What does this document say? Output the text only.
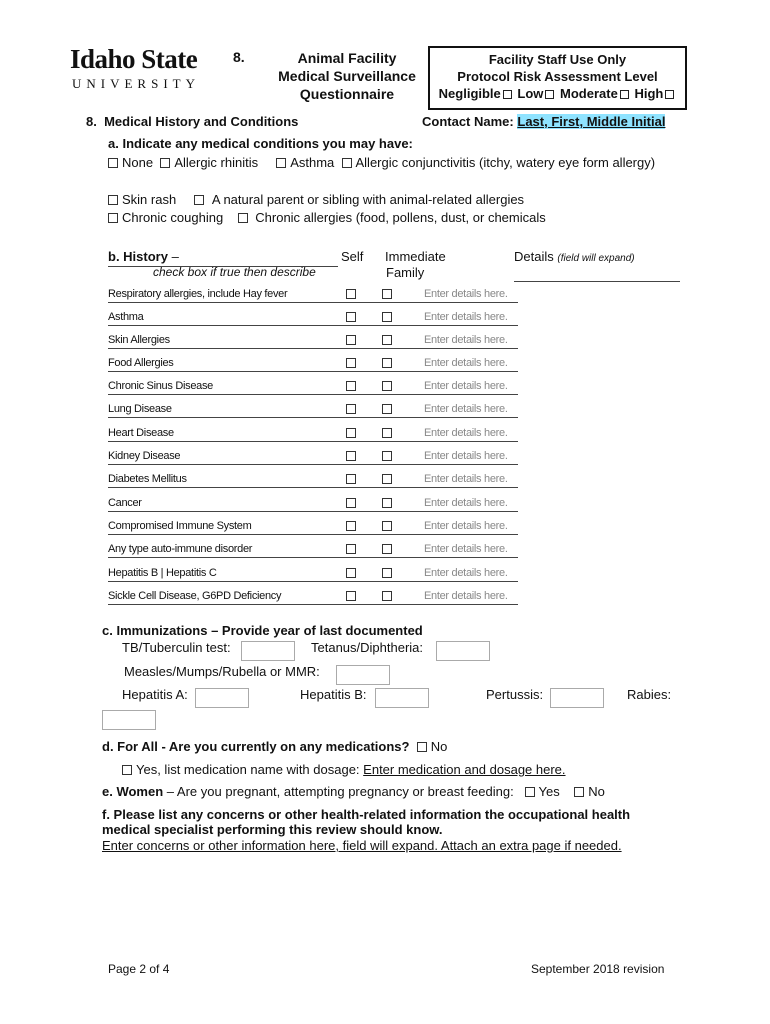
Idaho State
UNIVERSITY
8.	Animal Facility
Medical Surveillance
Questionnaire
Facility Staff Use Only
Protocol Risk Assessment Level
Negligible Low Moderate High
8.  Medical History and Conditions	Contact Name: Last, First, Middle Initial
a. Indicate any medical conditions you may have:
None Allergic rhinitis Asthma Allergic conjunctivitis (itchy, watery eye form allergy)
Skin rash	A natural parent or sibling with animal-related allergies
Chronic coughing Chronic allergies (food, pollens, dust, or chemicals
b. History –
check box if true then describe
Self Immediate
Family
Details (field will expand)
Respiratory allergies, include Hay fever	Enter details here.
Asthma	Enter details here.
Skin Allergies	Enter details here.
Food Allergies	Enter details here.
Chronic Sinus Disease	Enter details here.
Lung Disease	Enter details here.
Heart Disease	Enter details here.
Kidney Disease	Enter details here.
Diabetes Mellitus	Enter details here.
Cancer	Enter details here.
Compromised Immune System	Enter details here.
Any type auto-immune disorder	Enter details here.
Hepatitis B | Hepatitis C	Enter details here.
Sickle Cell Disease, G6PD Deficiency	Enter details here.
c. Immunizations – Provide year of last documented
TB/Tuberculin test:	Tetanus/Diphtheria:
Measles/Mumps/Rubella or MMR:
Hepatitis A:	Hepatitis B:	Pertussis:	Rabies:
d. For All - Are you currently on any medications? No
Yes, list medication name with dosage: Enter medication and dosage here.
e. Women – Are you pregnant, attempting pregnancy or breast feeding: Yes No
f. Please list any concerns or other health-related information the occupational health
medical specialist performing this review should know.
Enter concerns or other information here, field will expand. Attach an extra page if needed.
Page 2 of 4	September 2018 revision
